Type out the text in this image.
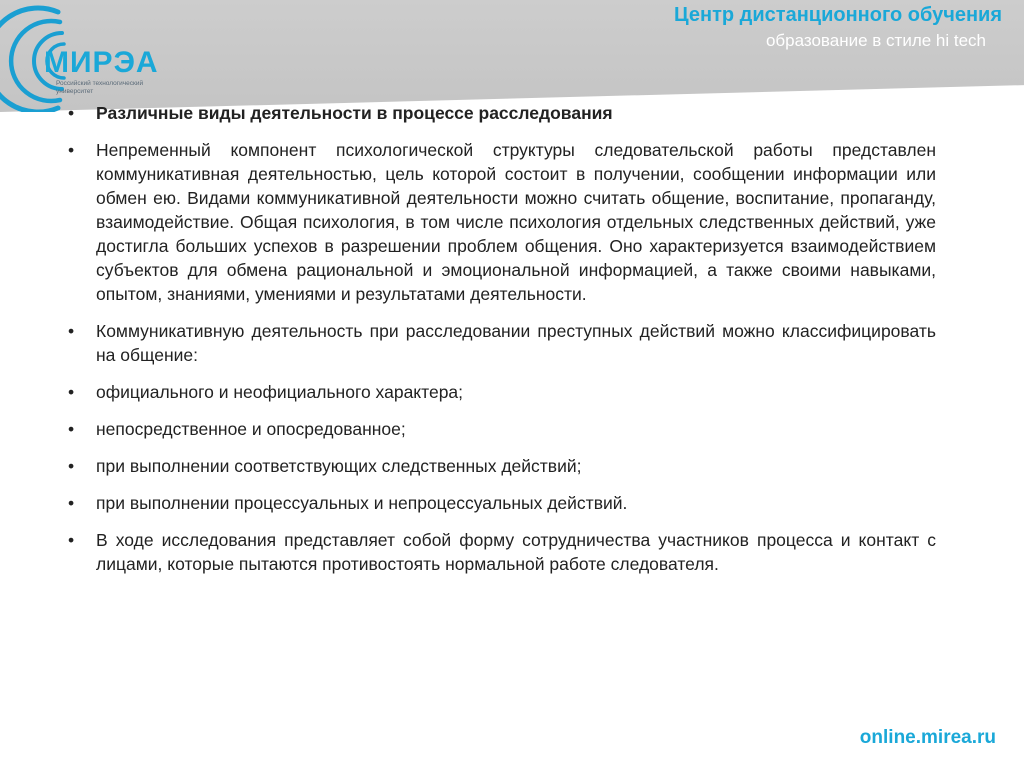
МИРЭА
Российский технологический университет
Центр дистанционного обучения
образование в стиле hi tech
•	Различные виды деятельности в процессе расследования
•	Непременный компонент психологической структуры следовательской работы представлен коммуникативная деятельностью, цель которой состоит в получении, сообщении информации или обмен ею. Видами коммуникативной деятельности можно считать общение, воспитание, пропаганду, взаимодействие. Общая психология, в том числе психология отдельных следственных действий, уже достигла больших успехов в разрешении проблем общения. Оно характеризуется взаимодействием субъектов для обмена рациональной и эмоциональной информацией, а также своими навыками, опытом, знаниями, умениями и результатами деятельности.
•	Коммуникативную деятельность при расследовании преступных действий можно классифицировать на общение:
•	официального и неофициального характера;
•	непосредственное и опосредованное;
•	при выполнении соответствующих следственных действий;
•	при выполнении процессуальных и непроцессуальных действий.
•	В ходе исследования представляет собой форму сотрудничества участников процесса и контакт с лицами, которые пытаются противостоять нормальной работе следователя.
online.mirea.ru
